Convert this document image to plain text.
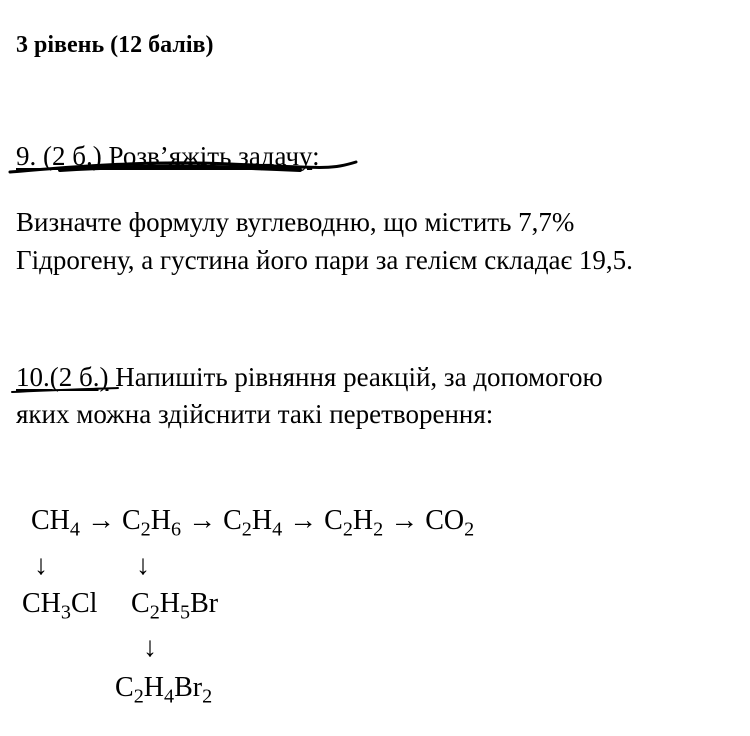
3 рівень (12 балів)
9. (2 б.) Розв’яжіть задачу:
Визначте формулу вуглеводню, що містить 7,7%
Гідрогену, а густина його пари за гелієм складає 19,5.
10.(2 б.) Напишіть рівняння реакцій, за допомогою
яких можна здійснити такі перетворення:
$CH_4 \to C_2H_6 \to C_2H_4 \to C_2H_2 \to CO_2$
↓	↓
$CH_3Cl$ $C_2H_5Br$
↓
$C_2H_4Br_2$
